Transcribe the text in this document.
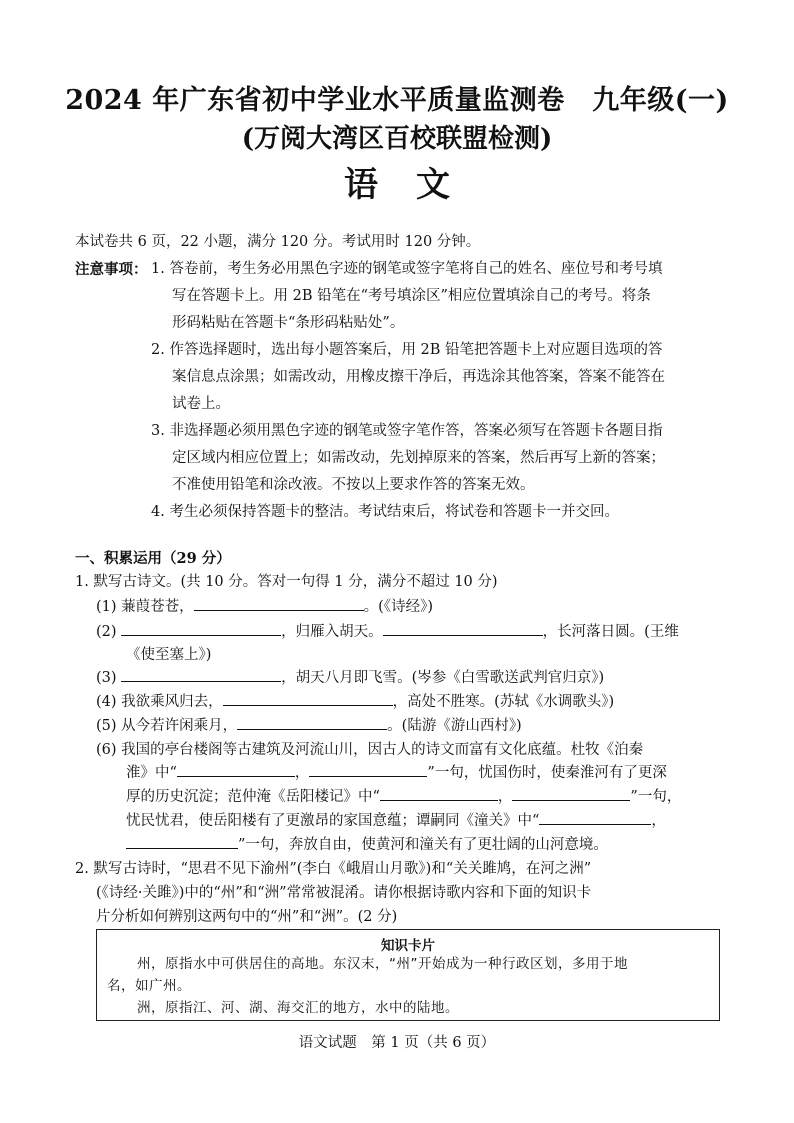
2024 年广东省初中学业水平质量监测卷　九年级(一)
(万阅大湾区百校联盟检测)
语文
本试卷共 6 页，22 小题，满分 120 分。考试用时 120 分钟。
注意事项： 1. 答卷前，考生务必用黑色字迹的钢笔或签字笔将自己的姓名、座位号和考号填
写在答题卡上。用 2B 铅笔在“考号填涂区”相应位置填涂自己的考号。将条
形码粘贴在答题卡“条形码粘贴处”。
2. 作答选择题时，选出每小题答案后，用 2B 铅笔把答题卡上对应题目选项的答
案信息点涂黑；如需改动，用橡皮擦干净后，再选涂其他答案，答案不能答在
试卷上。
3. 非选择题必须用黑色字迹的钢笔或签字笔作答，答案必须写在答题卡各题目指
定区域内相应位置上；如需改动，先划掉原来的答案，然后再写上新的答案；
不准使用铅笔和涂改液。不按以上要求作答的答案无效。
4. 考生必须保持答题卡的整洁。考试结束后，将试卷和答题卡一并交回。
一、积累运用（29 分）
1. 默写古诗文。(共 10 分。答对一句得 1 分，满分不超过 10 分)
(1) 蒹葭苍苍，	。(《诗经》)
(2)	，归雁入胡天。	，长河落日圆。(王维
《使至塞上》)
(3)	，胡天八月即飞雪。(岑参《白雪歌送武判官归京》)
(4) 我欲乘风归去，	，高处不胜寒。(苏轼《水调歌头》)
(5) 从今若许闲乘月，	。(陆游《游山西村》)
(6) 我国的亭台楼阁等古建筑及河流山川，因古人的诗文而富有文化底蕴。杜牧《泊秦
淮》中“	，	”一句，忧国伤时，使秦淮河有了更深
厚的历史沉淀；范仲淹《岳阳楼记》中“	，	”一句，
忧民忧君，使岳阳楼有了更激昂的家国意蕴；谭嗣同《潼关》中“	，
”一句，奔放自由，使黄河和潼关有了更壮阔的山河意境。
2. 默写古诗时，“思君不见下渝州”(李白《峨眉山月歌》)和“关关雎鸠，在河之洲”
(《诗经·关雎》)中的“州”和“洲”常常被混淆。请你根据诗歌内容和下面的知识卡
片分析如何辨别这两句中的“州”和“洲”。(2 分)
知识卡片
州，原指水中可供居住的高地。东汉末，“州”开始成为一种行政区划，多用于地
名，如广州。
洲，原指江、河、湖、海交汇的地方，水中的陆地。
语文试题　第 1 页（共 6 页）
